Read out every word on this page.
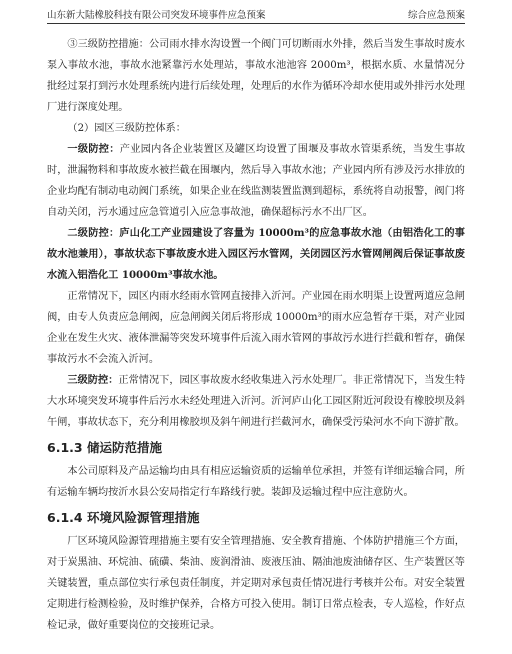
山东新大陆橡胶科技有限公司突发环境事件应急预案	综合应急预案

③三级防控措施：公司雨水排水沟设置一个阀门可切断雨水外排，然后当发生事故时废水泵入事故水池，事故水池紧靠污水处理站，事故水池池容 2000m³，根据水质、水量情况分批经过泵打到污水处理系统内进行后续处理，处理后的水作为循环冷却水使用或外排污水处理厂进行深度处理。

（2）园区三级防控体系：

一级防控：产业园内各企业装置区及罐区均设置了围堰及事故水管渠系统，当发生事故时，泄漏物料和事故废水被拦截在围堰内，然后导入事故水池；产业园内所有涉及污水排放的企业均配有制动电动阀门系统，如果企业在线监测装置监测到超标，系统将自动报警，阀门将自动关闭，污水通过应急管道引入应急事故池，确保超标污水不出厂区。

二级防控：庐山化工产业园建设了容量为 10000m³的应急事故水池（由铝浩化工的事故水池兼用），事故状态下事故废水进入园区污水管网，关闭园区污水管网闸阀后保证事故废水流入铝浩化工 10000m³事故水池。

正常情况下，园区内雨水经雨水管网直接排入沂河。产业园在雨水明渠上设置两道应急闸阀，由专人负责应急闸阀，应急闸阀关闭后将形成 10000m³的雨水应急暂存干渠，对产业园企业在发生火灾、液体泄漏等突发环境事件后流入雨水管网的事故污水进行拦截和暂存，确保事故污水不会流入沂河。

三级防控：正常情况下，园区事故废水经收集进入污水处理厂。非正常情况下，当发生特大水环境突发环境事件后污水未经处理进入沂河。沂河庐山化工园区附近河段设有橡胶坝及斜午闸，事故状态下，充分利用橡胶坝及斜午闸进行拦截河水，确保受污染河水不向下游扩散。

6.1.3 储运防范措施

本公司原料及产品运输均由具有相应运输资质的运输单位承担，并签有详细运输合同，所有运输车辆均按沂水县公安局指定行车路线行驶。装卸及运输过程中应注意防火。

6.1.4 环境风险源管理措施

厂区环境风险源管理措施主要有安全管理措施、安全教育措施、个体防护措施三个方面，对于炭黑油、环烷油、硫磺、柴油、废润滑油、废液压油、隔油池废油储存区、生产装置区等关键装置，重点部位实行承包责任制度，并定期对承包责任情况进行考核并公布。对安全装置定期进行检测检验，及时维护保养，合格方可投入使用。制订日常点检表，专人巡检，作好点检记录，做好重要岗位的交接班记录。
